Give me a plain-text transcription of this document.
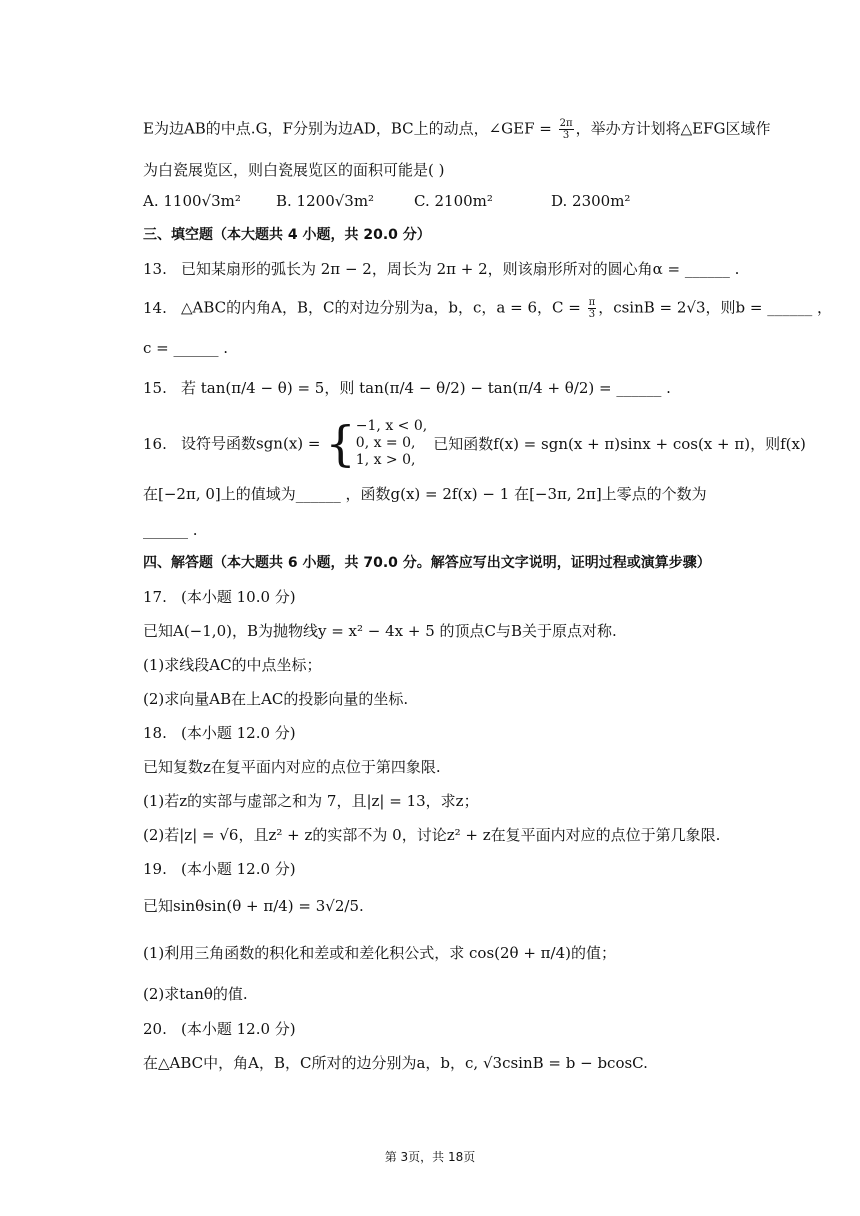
E为边AB的中点.G，F分别为边AD，BC上的动点，∠GEF = $\frac{2\pi}{3}$ ，举办方计划将△EFG区域作
为白瓷展览区，则白瓷展览区的面积可能是( )
A. 1100√3m² B. 1200√3m²	C. 2100m²	D. 2300m²
三、填空题（本大题共 4 小题，共 20.0 分）
13. 已知某扇形的弧长为 2π − 2，周长为 2π + 2，则该扇形所对的圆心角α = ______ .
14. △ABC的内角A，B，C的对边分别为a，b，c，a = 6，$C = \frac{\pi}{3}$ ，csinB = 2√3，则b = ______ ，
c = ______ .
15. 若 tan(π/4 − θ) = 5，则 tan(π/4 − θ/2) − tan(π/4 + θ/2) = ______ .
16. 设符号函数sgn(x) = { −1, x < 0,
0, x = 0,
1, x > 0,
已知函数f(x) = sgn(x + π)sinx + cos(x + π)，则f(x)
在[−2π, 0]上的值域为______ ，函数g(x) = 2f(x) − 1 在[−3π, 2π]上零点的个数为
______ .
四、解答题（本大题共 6 小题，共 70.0 分。解答应写出文字说明，证明过程或演算步骤）
17. (本小题 10.0 分)
已知A(−1,0)，B为抛物线y = x² − 4x + 5 的顶点C与B关于原点对称.
(1)求线段AC的中点坐标；
(2)求向量AB在上AC的投影向量的坐标.
18. (本小题 12.0 分)
已知复数z在复平面内对应的点位于第四象限.
(1)若z的实部与虚部之和为 7，且|z| = 13，求z；
(2)若|z| = √6，且z² + z的实部不为 0，讨论z² + z在复平面内对应的点位于第几象限.
19. (本小题 12.0 分)
已知sinθsin(θ + π/4) = 3√2/5.
(1)利用三角函数的积化和差或和差化积公式，求 cos(2θ + π/4)的值；
(2)求tanθ的值.
20. (本小题 12.0 分)
在△ABC中，角A，B，C所对的边分别为a，b，c, √3csinB = b − bcosC.
第 3页，共 18页
